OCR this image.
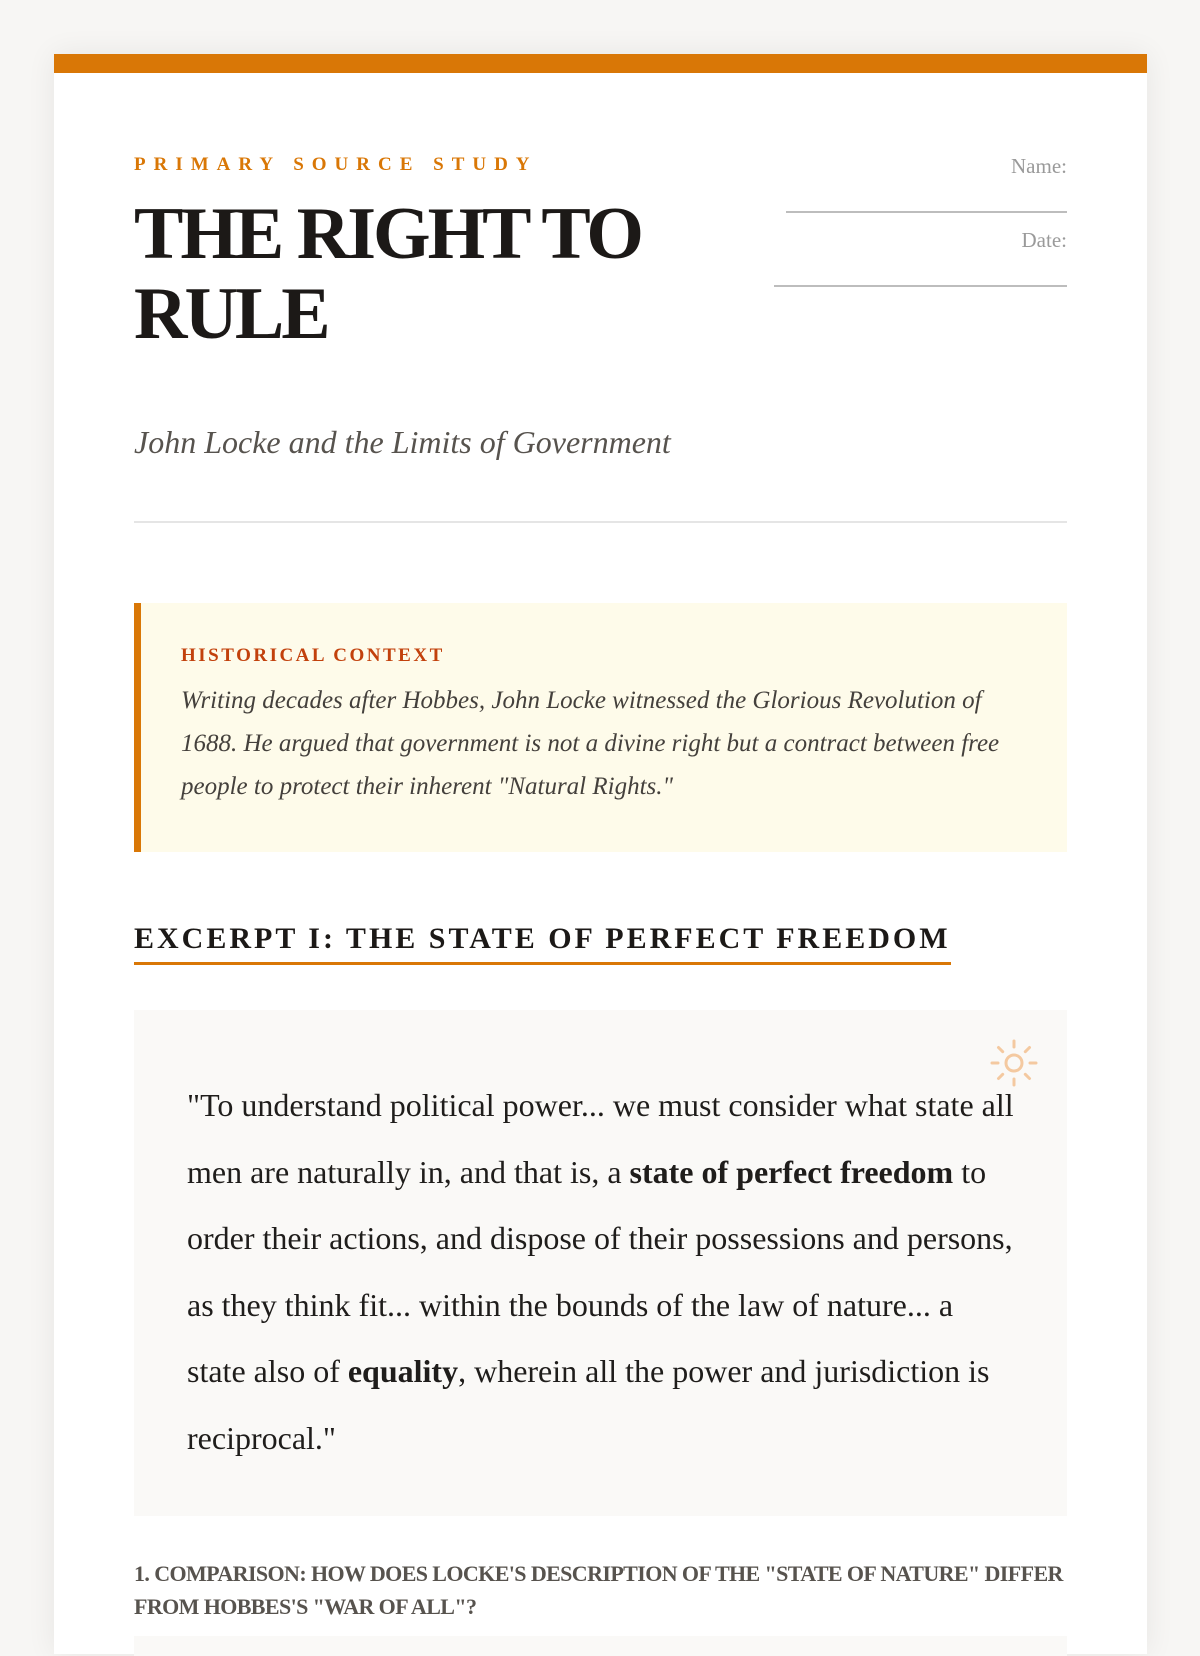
PRIMARY SOURCE STUDY
THE RIGHT TO RULE
John Locke and the Limits of Government
Name:
Date:
HISTORICAL CONTEXT
Writing decades after Hobbes, John Locke witnessed the Glorious Revolution of 1688. He argued that government is not a divine right but a contract between free people to protect their inherent "Natural Rights."
EXCERPT I: THE STATE OF PERFECT FREEDOM
"To understand political power... we must consider what state all men are naturally in, and that is, a state of perfect freedom to order their actions, and dispose of their possessions and persons, as they think fit... within the bounds of the law of nature... a state also of equality, wherein all the power and jurisdiction is reciprocal."
1. COMPARISON: HOW DOES LOCKE'S DESCRIPTION OF THE "STATE OF NATURE" DIFFER FROM HOBBES'S "WAR OF ALL"?
